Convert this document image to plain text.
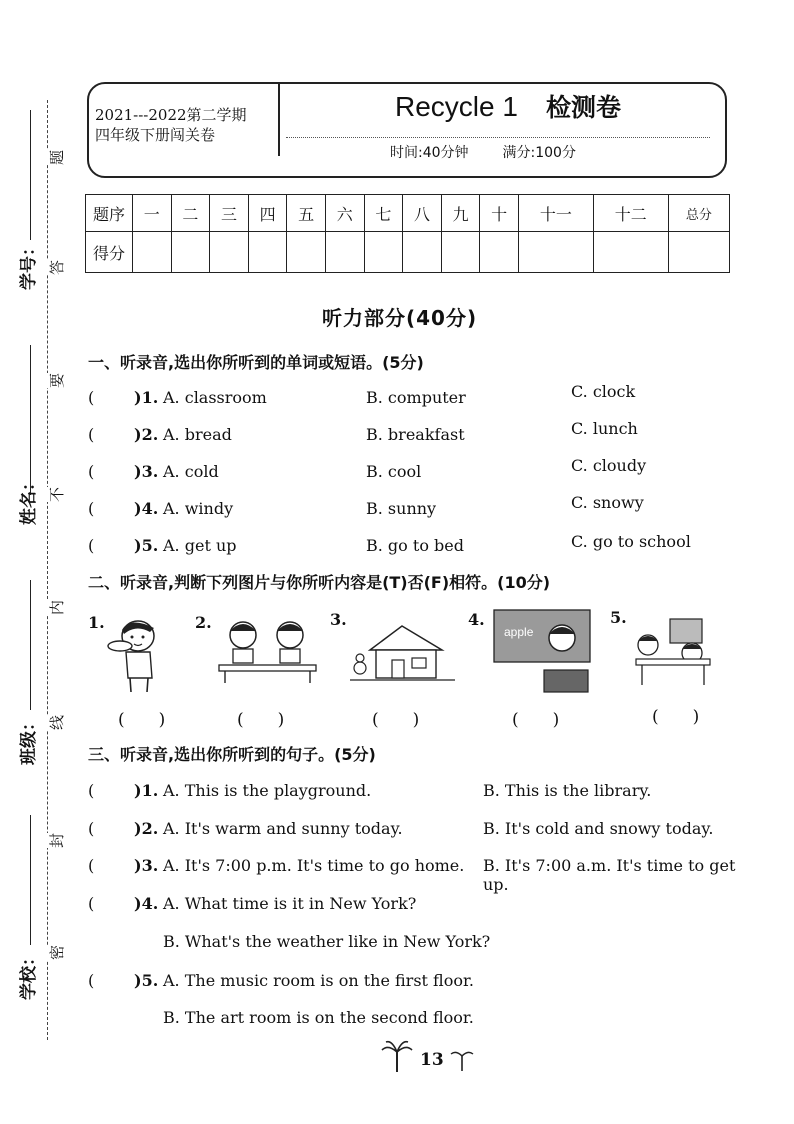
学号：
姓名：
班级：
学校：
题
答
要
不
内
线
封
密
2021---2022第二学期
四年级下册闯关卷
Recycle 1 检测卷
时间:40分钟 满分:100分
题序	一	二	三	四	五	六	七	八	九	十	十一	十二	总分
得分													
听力部分(40分)
一、听录音,选出你所听到的单词或短语。(5分)
( )1. A. classroom	B. computer	C. clock
( )2. A. bread	B. breakfast	C. lunch
( )3. A. cold	B. cool	C. cloudy
( )4. A. windy	B. sunny	C. snowy
( )5. A. get up	B. go to bed	C. go to school
二、听录音,判断下列图片与你所听内容是(T)否(F)相符。(10分)
1.
(　　)
2.
(　　)
3.
(　　)
4.
apple
(　　)
5.
(　　)
三、听录音,选出你所听到的句子。(5分)
( )1. A. This is the playground.	B. This is the library.
( )2. A. It's warm and sunny today.	B. It's cold and snowy today.
( )3. A. It's 7:00 p.m. It's time to go home. B. It's 7:00 a.m. It's time to get up.
( )4. A. What time is it in New York?
B. What's the weather like in New York?
( )5. A. The music room is on the first floor.
B. The art room is on the second floor.
13
